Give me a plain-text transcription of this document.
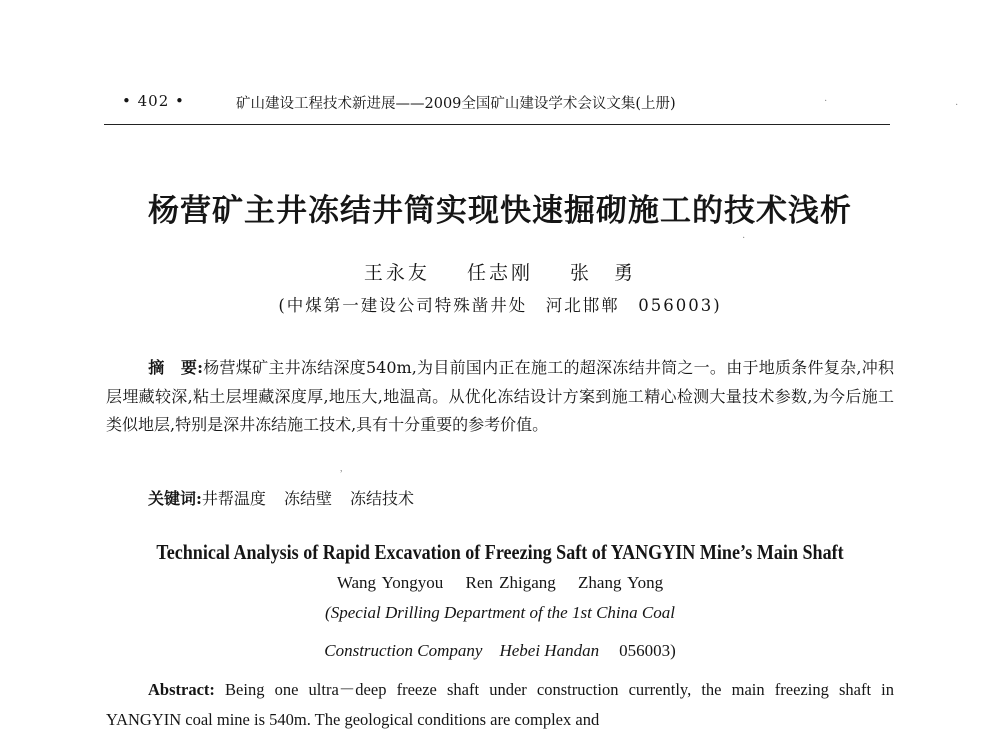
• 402 •	矿山建设工程技术新进展——2009全国矿山建设学术会议文集(上册)
杨营矿主井冻结井筒实现快速掘砌施工的技术浅析
王永友 任志刚 张　勇
(中煤第一建设公司特殊凿井处　河北邯郸　056003)
摘　要:杨营煤矿主井冻结深度540m,为目前国内正在施工的超深冻结井筒之一。由于地质条件复杂,冲积层埋藏较深,粘土层埋藏深度厚,地压大,地温高。从优化冻结设计方案到施工精心检测大量技术参数,为今后施工类似地层,特别是深井冻结施工技术,具有十分重要的参考价值。
关键词:井帮温度 冻结壁 冻结技术
Technical Analysis of Rapid Excavation of Freezing Saft of YANGYIN Mine’s Main Shaft
Wang Yongyou Ren Zhigang Zhang Yong
(Special Drilling Department of the 1st China Coal
Construction Company　Hebei Handan 056003)
Abstract: Being one ultra－deep freeze shaft under construction currently, the main freezing shaft in YANGYIN coal mine is 540m. The geological conditions are complex and
·
·
,
·
